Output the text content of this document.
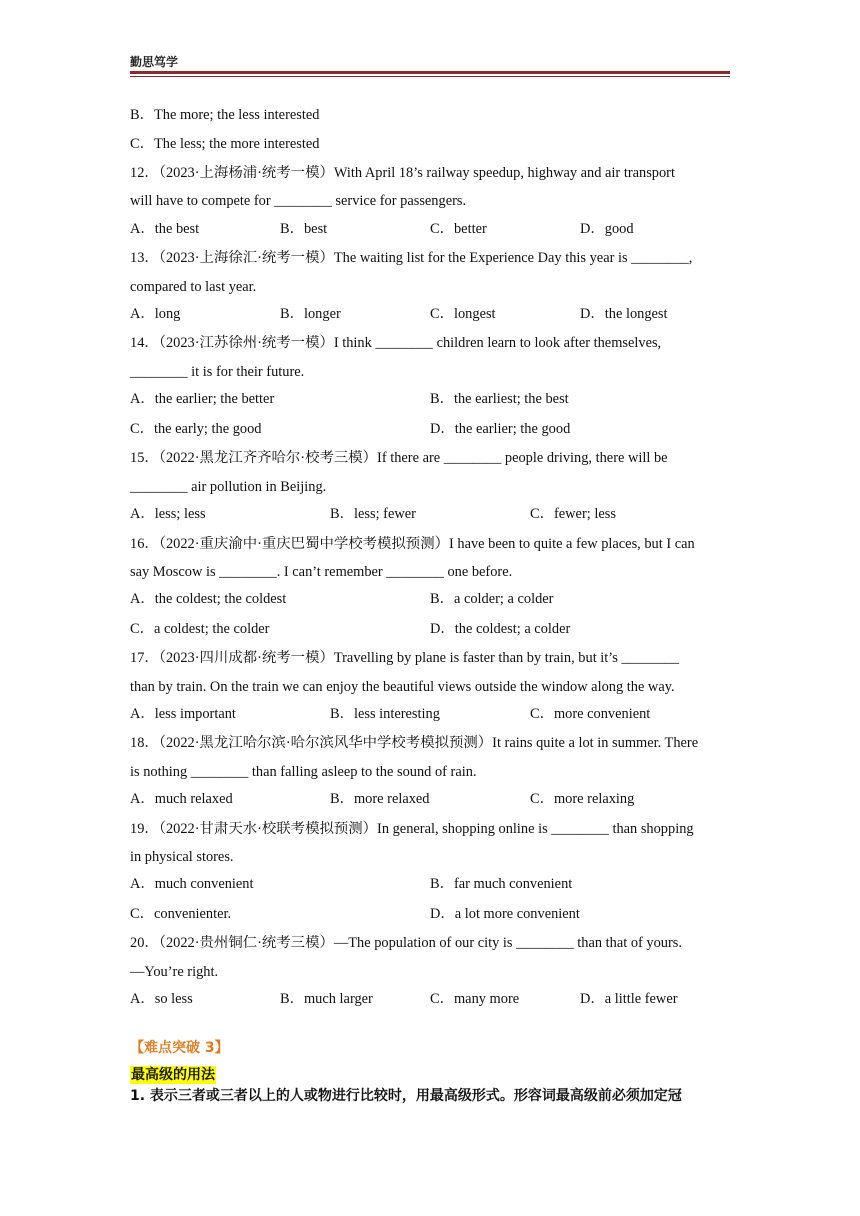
勤思笃学
B．The more; the less interested
C．The less; the more interested
12．（2023·上海杨浦·统考一模）With April 18’s railway speedup, highway and air transport
will have to compete for ________ service for passengers.
A．the best	B．best	C．better	D．good
13．（2023·上海徐汇·统考一模）The waiting list for the Experience Day this year is ________,
compared to last year.
A．long	B．longer	C．longest	D．the longest
14．（2023·江苏徐州·统考一模）I think ________ children learn to look after themselves,
________ it is for their future.
A．the earlier; the better	B．the earliest; the best
C．the early; the good	D．the earlier; the good
15．（2022·黑龙江齐齐哈尔·校考三模）If there are ________ people driving, there will be
________ air pollution in Beijing.
A．less; less	B．less; fewer	C．fewer; less
16．（2022·重庆渝中·重庆巴蜀中学校考模拟预测）I have been to quite a few places, but I can
say Moscow is ________. I can’t remember ________ one before.
A．the coldest; the coldest	B．a colder; a colder
C．a coldest; the colder	D．the coldest; a colder
17．（2023·四川成都·统考一模）Travelling by plane is faster than by train, but it’s ________
than by train. On the train we can enjoy the beautiful views outside the window along the way.
A．less important	B．less interesting	C．more convenient
18．（2022·黑龙江哈尔滨·哈尔滨风华中学校考模拟预测）It rains quite a lot in summer. There
is nothing ________ than falling asleep to the sound of rain.
A．much relaxed	B．more relaxed	C．more relaxing
19．（2022·甘肃天水·校联考模拟预测）In general, shopping online is ________ than shopping
in physical stores.
A．much convenient	B．far much convenient
C．convenienter.	D．a lot more convenient
20．（2022·贵州铜仁·统考三模）—The population of our city is ________ than that of yours.
—You’re right.
A．so less	B．much larger	C．many more	D．a little fewer
【难点突破 3】
最高级的用法
1. 表示三者或三者以上的人或物进行比较时，用最高级形式。形容词最高级前必须加定冠
